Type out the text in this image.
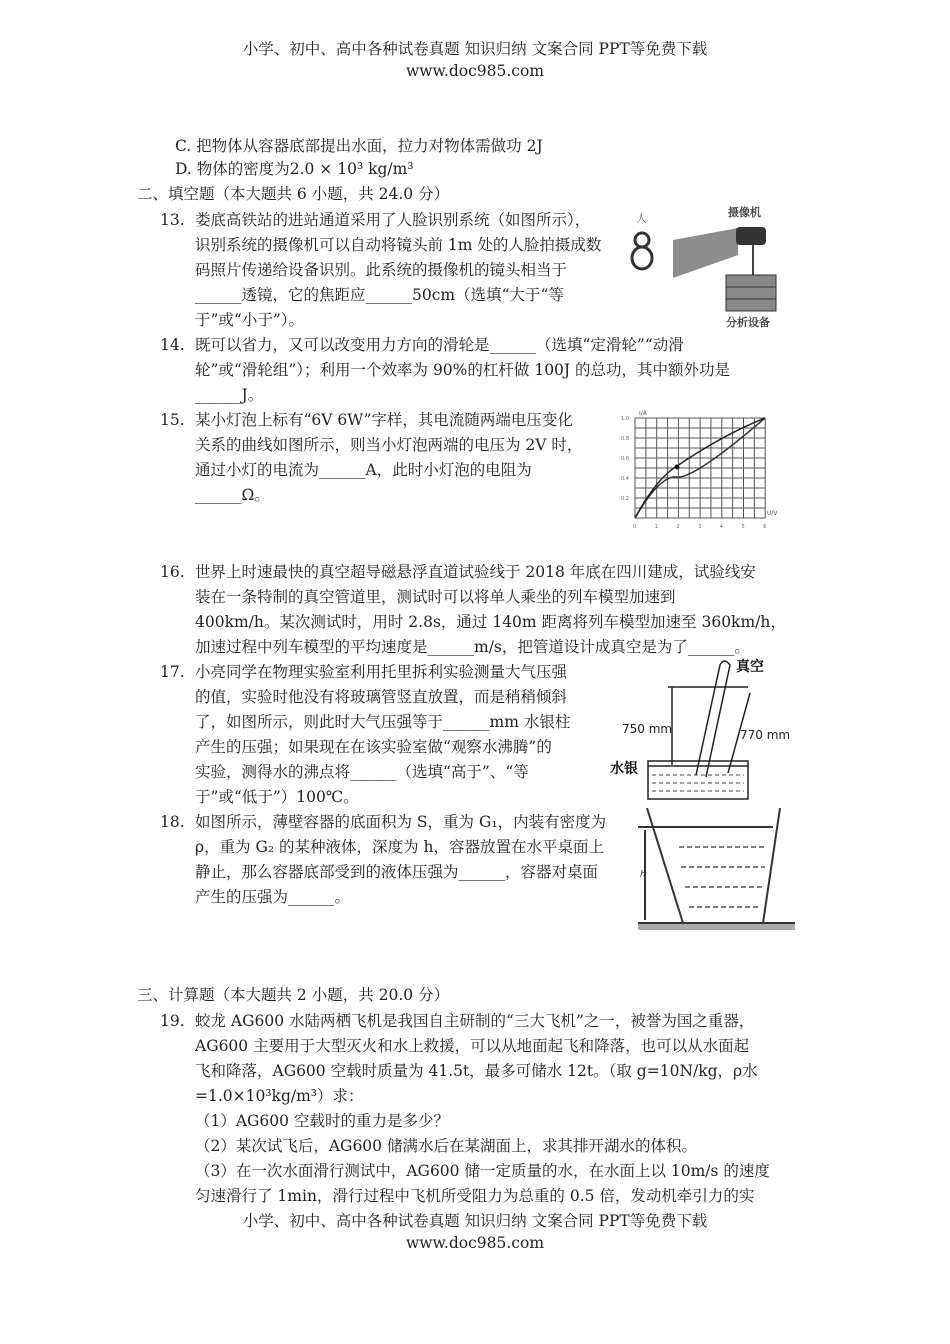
小学、初中、高中各种试卷真题 知识归纳 文案合同 PPT等免费下载
www.doc985.com
C. 把物体从容器底部提出水面，拉力对物体需做功 2J
D. 物体的密度为2.0 × 10³ kg/m³
二、填空题（本大题共 6 小题，共 24.0 分）
13. 娄底高铁站的进站通道采用了人脸识别系统（如图所示），
识别系统的摄像机可以自动将镜头前 1m 处的人脸拍摄成数
码照片传递给设备识别。此系统的摄像机的镜头相当于
______透镜，它的焦距应______50cm（选填“大于“等
于”或“小于”）。
14. 既可以省力，又可以改变用力方向的滑轮是______（选填“定滑轮”“动滑
轮”或“滑轮组”）；利用一个效率为 90%的杠杆做 100J 的总功，其中额外功是
______J。
15. 某小灯泡上标有“6V 6W”字样，其电流随两端电压变化
关系的曲线如图所示，则当小灯泡两端的电压为 2V 时，
通过小灯的电流为______A，此时小灯泡的电阻为
______Ω。
16. 世界上时速最快的真空超导磁悬浮直道试验线于 2018 年底在四川建成，试验线安
装在一条特制的真空管道里，测试时可以将单人乘坐的列车模型加速到
400km/h。某次测试时，用时 2.8s，通过 140m 距离将列车模型加速至 360km/h，
加速过程中列车模型的平均速度是______m/s，把管道设计成真空是为了______。
17. 小亮同学在物理实验室利用托里拆利实验测量大气压强
的值，实验时他没有将玻璃管竖直放置，而是稍稍倾斜
了，如图所示，则此时大气压强等于______mm 水银柱
产生的压强；如果现在在该实验室做“观察水沸腾”的
实验，测得水的沸点将______（选填“高于”、“等
于”或“低于”）100℃。
18. 如图所示，薄壁容器的底面积为 S，重为 G₁，内装有密度为
ρ，重为 G₂ 的某种液体，深度为 h，容器放置在水平桌面上
静止，那么容器底部受到的液体压强为______，容器对桌面
产生的压强为______。
19. 蛟龙 AG600 水陆两栖飞机是我国自主研制的“三大飞机”之一，被誉为国之重器，
AG600 主要用于大型灭火和水上救援，可以从地面起飞和降落，也可以从水面起
飞和降落，AG600 空载时质量为 41.5t，最多可储水 12t。（取 g=10N/kg，ρ水
=1.0×10³kg/m³）求：
（1）AG600 空载时的重力是多少？
（2）某次试飞后，AG600 储满水后在某湖面上，求其排开湖水的体积。
（3）在一次水面滑行测试中，AG600 储一定质量的水，在水面上以 10m/s 的速度
匀速滑行了 1min，滑行过程中飞机所受阻力为总重的 0.5 倍，发动机牵引力的实
三、计算题（本大题共 2 小题，共 20.0 分）
人	摄像机
分析设备
I/A
U/V
0.2
0.4
0.6
0.8
1.0
0	1	2	3	4	5	6
真空
750 mm	770 mm
水银
h
小学、初中、高中各种试卷真题 知识归纳 文案合同 PPT等免费下载
www.doc985.com
